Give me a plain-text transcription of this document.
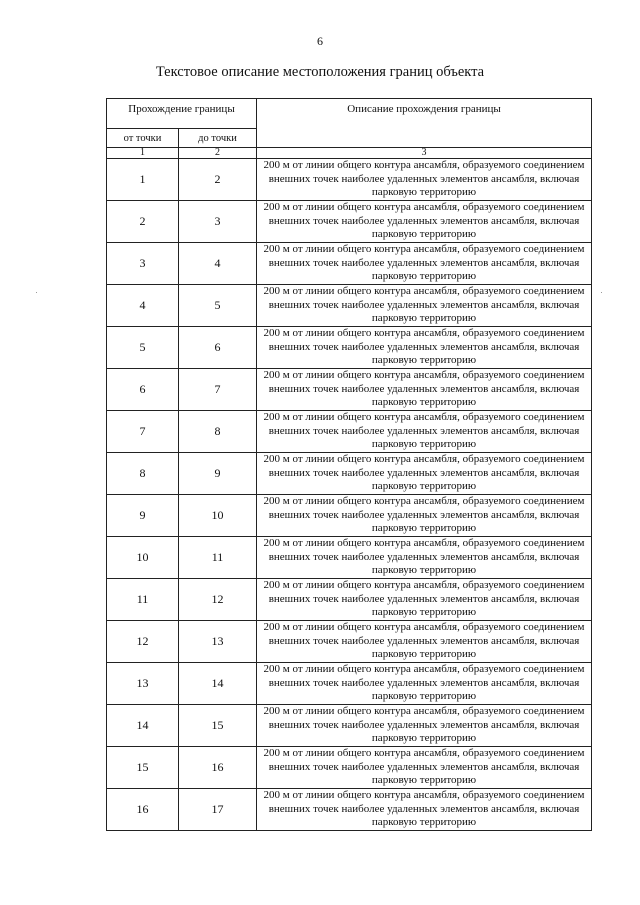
6
Текстовое описание местоположения границ объекта
Прохождение границы		Описание прохождения границы
от точки	до точки	
1	2	3
1	2	200 м от линии общего контура ансамбля, образуемого соединением внешних точек наиболее удаленных элементов ансамбля, включая парковую территорию
2	3	200 м от линии общего контура ансамбля, образуемого соединением внешних точек наиболее удаленных элементов ансамбля, включая парковую территорию
3	4	200 м от линии общего контура ансамбля, образуемого соединением внешних точек наиболее удаленных элементов ансамбля, включая парковую территорию
4	5	200 м от линии общего контура ансамбля, образуемого соединением внешних точек наиболее удаленных элементов ансамбля, включая парковую территорию
5	6	200 м от линии общего контура ансамбля, образуемого соединением внешних точек наиболее удаленных элементов ансамбля, включая парковую территорию
6	7	200 м от линии общего контура ансамбля, образуемого соединением внешних точек наиболее удаленных элементов ансамбля, включая парковую территорию
7	8	200 м от линии общего контура ансамбля, образуемого соединением внешних точек наиболее удаленных элементов ансамбля, включая парковую территорию
8	9	200 м от линии общего контура ансамбля, образуемого соединением внешних точек наиболее удаленных элементов ансамбля, включая парковую территорию
9	10	200 м от линии общего контура ансамбля, образуемого соединением внешних точек наиболее удаленных элементов ансамбля, включая парковую территорию
10	11	200 м от линии общего контура ансамбля, образуемого соединением внешних точек наиболее удаленных элементов ансамбля, включая парковую территорию
11	12	200 м от линии общего контура ансамбля, образуемого соединением внешних точек наиболее удаленных элементов ансамбля, включая парковую территорию
12	13	200 м от линии общего контура ансамбля, образуемого соединением внешних точек наиболее удаленных элементов ансамбля, включая парковую территорию
13	14	200 м от линии общего контура ансамбля, образуемого соединением внешних точек наиболее удаленных элементов ансамбля, включая парковую территорию
14	15	200 м от линии общего контура ансамбля, образуемого соединением внешних точек наиболее удаленных элементов ансамбля, включая парковую территорию
15	16	200 м от линии общего контура ансамбля, образуемого соединением внешних точек наиболее удаленных элементов ансамбля, включая парковую территорию
16	17	200 м от линии общего контура ансамбля, образуемого соединением внешних точек наиболее удаленных элементов ансамбля, включая парковую территорию
